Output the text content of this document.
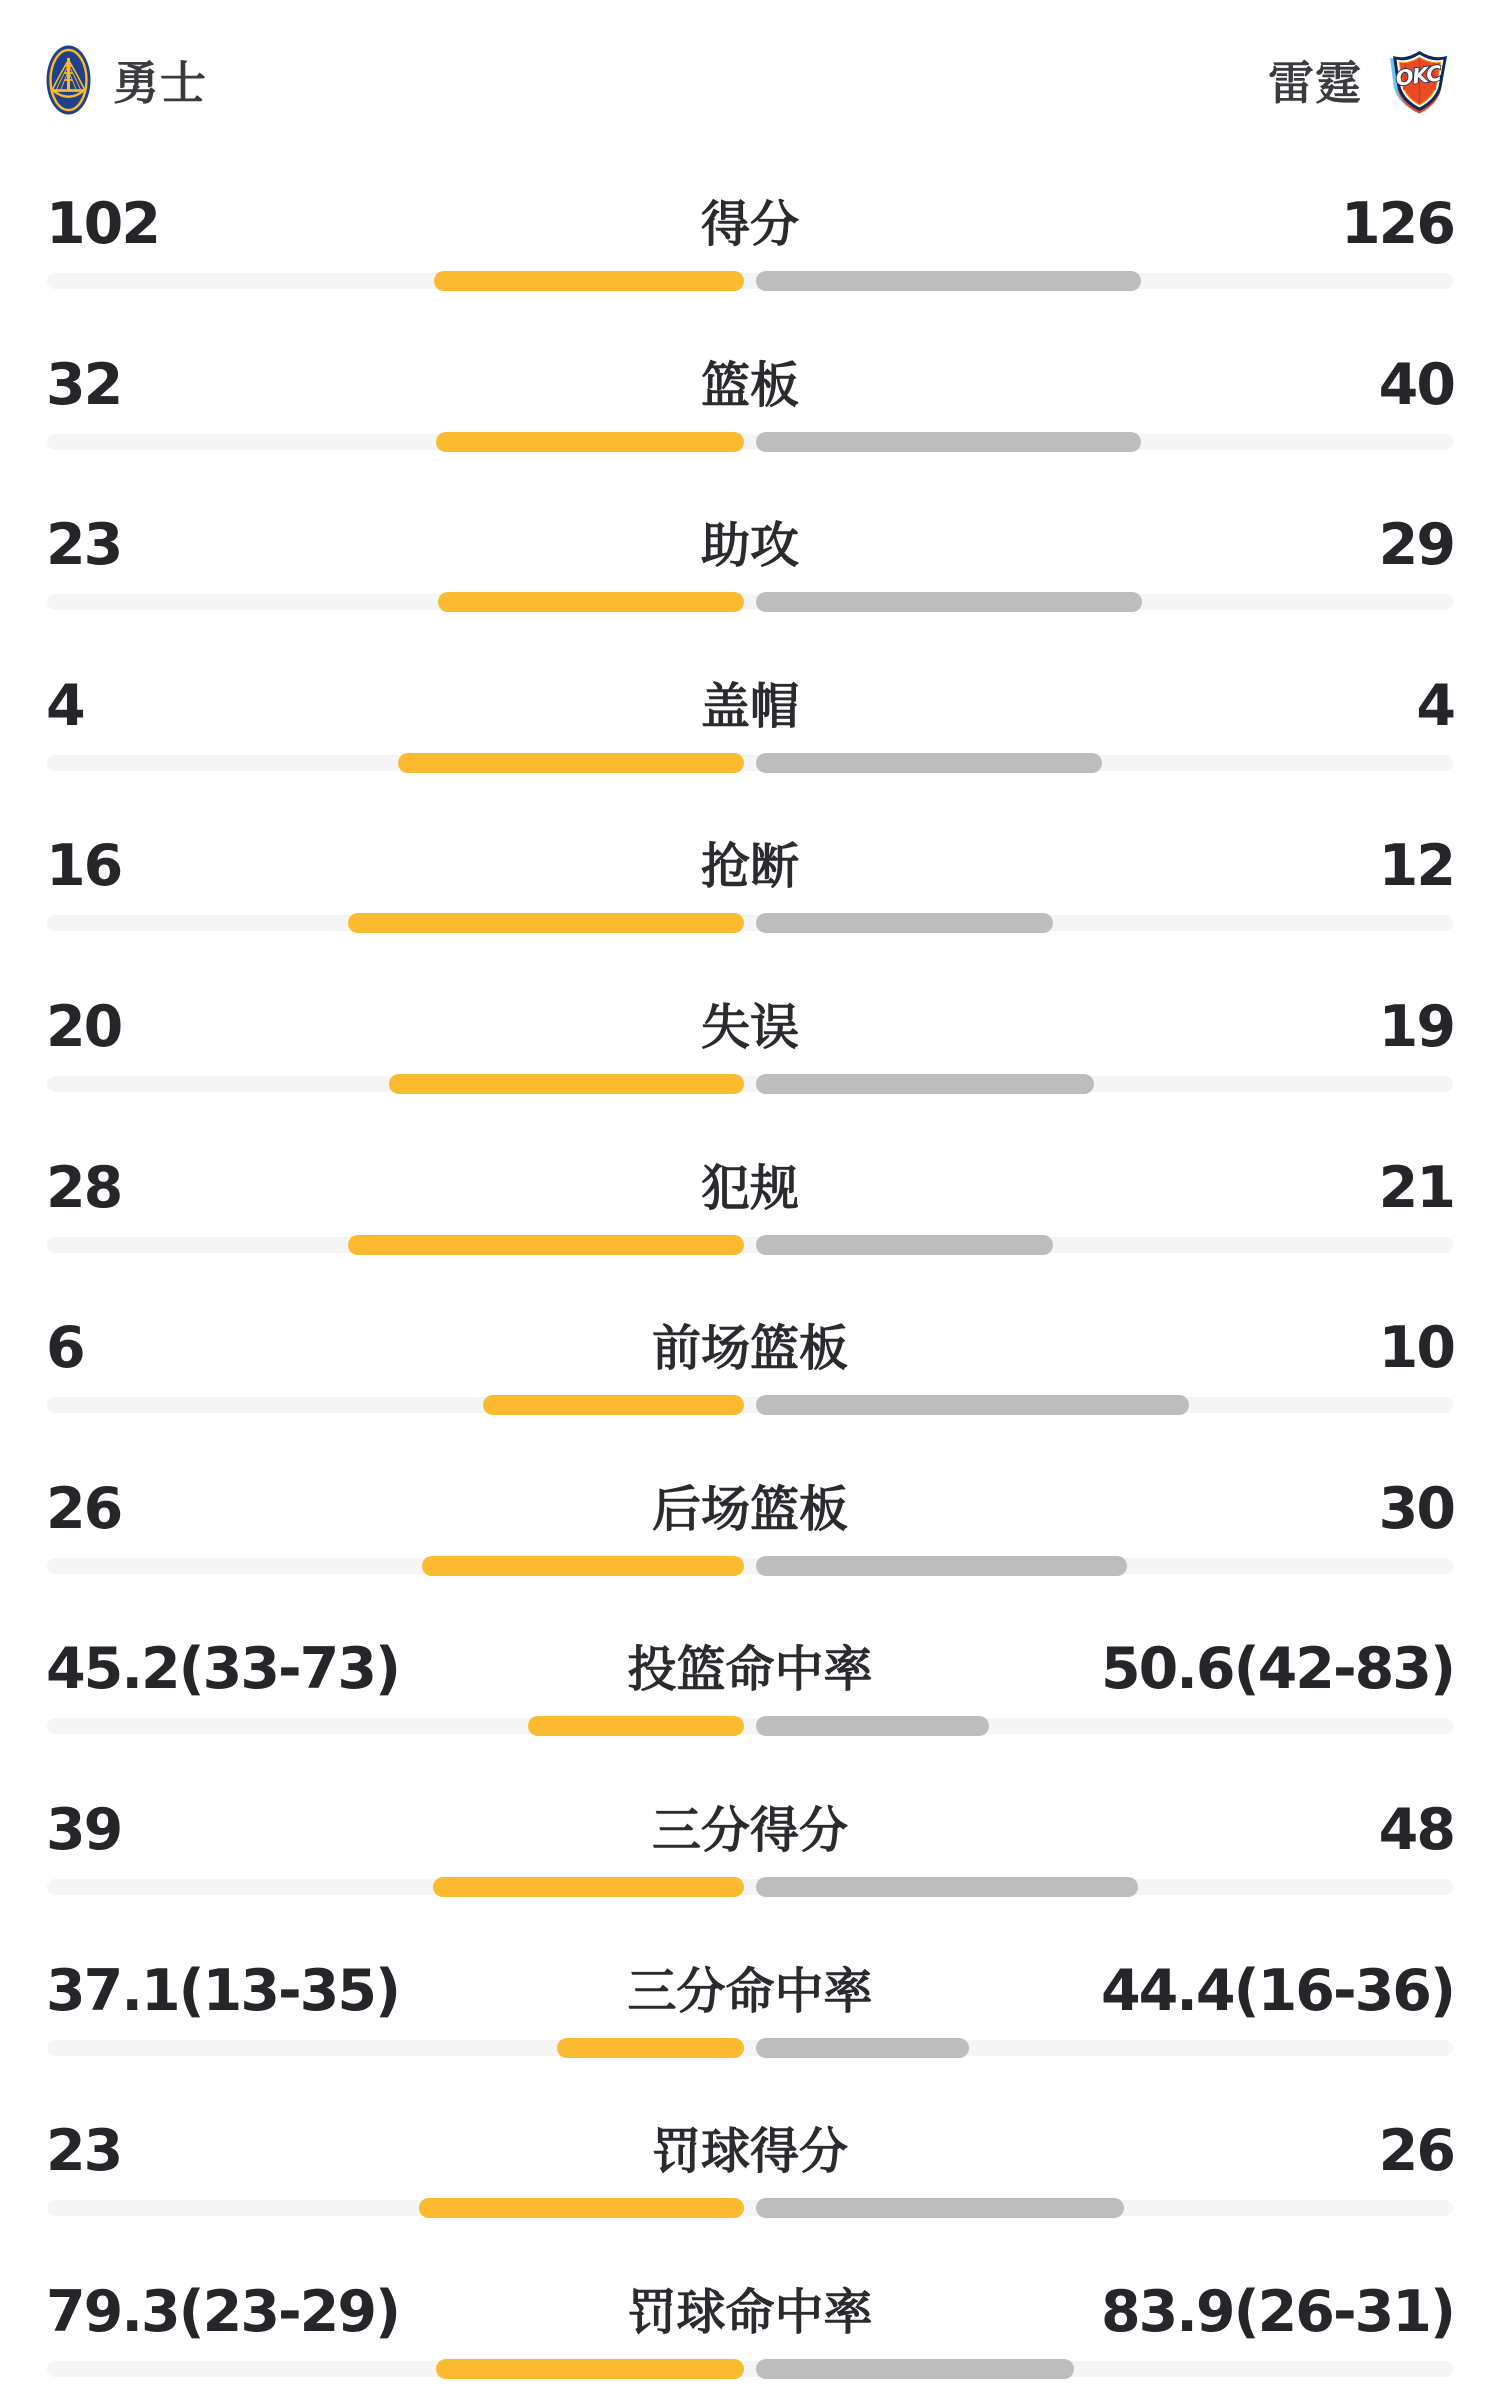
勇士	雷霆 OKC
102	得分	126
32	篮板	40
23	助攻	29
4	盖帽	4
16	抢断	12
20	失误	19
28	犯规	21
6	前场篮板	10
26	后场篮板	30
45.2(33-73)	投篮命中率	50.6(42-83)
39	三分得分	48
37.1(13-35)	三分命中率	44.4(16-36)
23	罚球得分	26
79.3(23-29)	罚球命中率	83.9(26-31)
